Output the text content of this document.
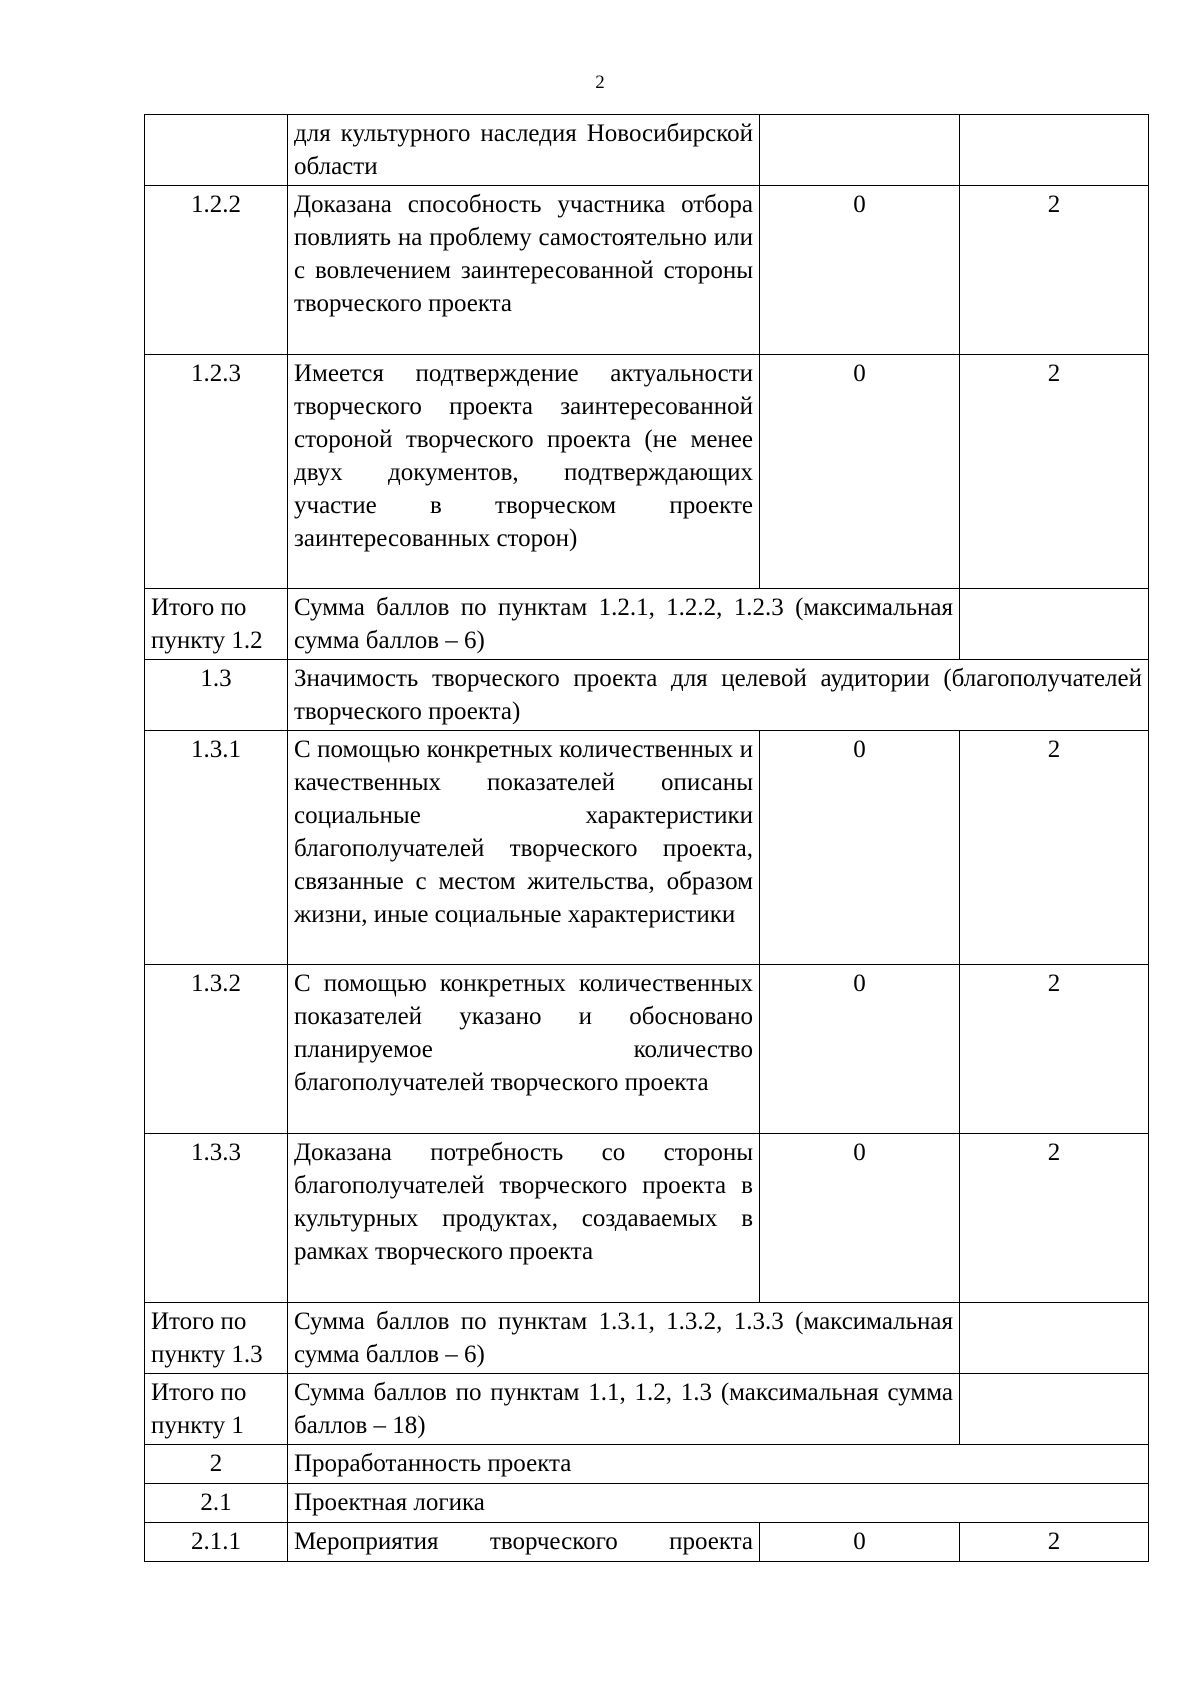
2
	для культурного наследия Новосибирской области		
1.2.2	Доказана способность участника отбора повлиять на проблему самостоятельно или с вовлечением заинтересованной стороны творческого проекта	0	2
1.2.3	Имеется подтверждение актуальности творческого проекта заинтересованной стороной творческого проекта (не менее двух документов, подтверждающих участие в творческом проекте заинтересованных сторон)	0	2
Итого по пункту 1.2	Сумма баллов по пунктам 1.2.1, 1.2.2, 1.2.3 (максимальная сумма баллов – 6)		
1.3	Значимость творческого проекта для целевой аудитории (благополучателей творческого проекта)		
1.3.1	С помощью конкретных количественных и качественных показателей описаны социальные характеристики благополучателей творческого проекта, связанные с местом жительства, образом жизни, иные социальные характеристики	0	2
1.3.2	С помощью конкретных количественных показателей указано и обосновано планируемое количество благополучателей творческого проекта	0	2
1.3.3	Доказана потребность со стороны благополучателей творческого проекта в культурных продуктах, создаваемых в рамках творческого проекта	0	2
Итого по пункту 1.3	Сумма баллов по пунктам 1.3.1, 1.3.2, 1.3.3 (максимальная сумма баллов – 6)		
Итого по пункту 1	Сумма баллов по пунктам 1.1, 1.2, 1.3 (максимальная сумма баллов – 18)		
2	Проработанность проекта		
2.1	Проектная логика		
2.1.1	Мероприятия творческого проекта	0	2
